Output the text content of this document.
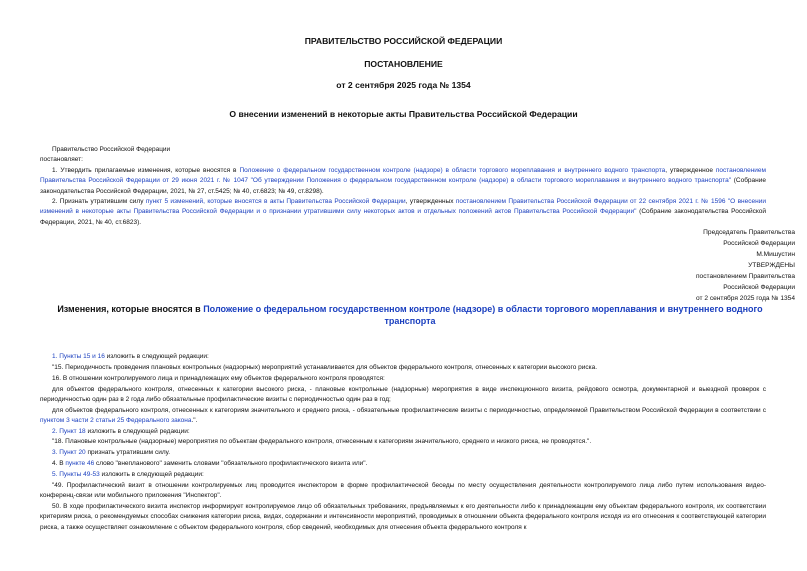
ПРАВИТЕЛЬСТВО РОССИЙСКОЙ ФЕДЕРАЦИИ
ПОСТАНОВЛЕНИЕ
от 2 сентября 2025 года № 1354
О внесении изменений в некоторые акты Правительства Российской Федерации
Правительство Российской Федерации
постановляет:
1. Утвердить прилагаемые изменения, которые вносятся в Положение о федеральном государственном контроле (надзоре) в области торгового мореплавания и внутреннего водного транспорта, утвержденное постановлением Правительства Российской Федерации от 29 июня 2021 г. № 1047 "Об утверждении Положения о федеральном государственном контроле (надзоре) в области торгового мореплавания и внутреннего водного транспорта" (Собрание законодательства Российской Федерации, 2021, № 27, ст.5425; № 40, ст.6823; № 49, ст.8298).
2. Признать утратившим силу пункт 5 изменений, которые вносятся в акты Правительства Российской Федерации, утвержденных постановлением Правительства Российской Федерации от 22 сентября 2021 г. № 1596 "О внесении изменений в некоторые акты Правительства Российской Федерации и о признании утратившими силу некоторых актов и отдельных положений актов Правительства Российской Федерации" (Собрание законодательства Российской Федерации, 2021, № 40, ст.6823).
Председатель Правительства
Российской Федерации
М.Мишустин
УТВЕРЖДЕНЫ
постановлением Правительства
Российской Федерации
от 2 сентября 2025 года № 1354
Изменения, которые вносятся в Положение о федеральном государственном контроле (надзоре) в области торгового мореплавания и внутреннего водного транспорта
1. Пункты 15 и 16 изложить в следующей редакции:
"15. Периодичность проведения плановых контрольных (надзорных) мероприятий устанавливается для объектов федерального контроля, отнесенных к категории высокого риска.
16. В отношении контролируемого лица и принадлежащих ему объектов федерального контроля проводятся:
для объектов федерального контроля, отнесенных к категории высокого риска, - плановые контрольные (надзорные) мероприятия в виде инспекционного визита, рейдового осмотра, документарной и выездной проверок с периодичностью один раз в 2 года либо обязательные профилактические визиты с периодичностью один раз в год;
для объектов федерального контроля, отнесенных к категориям значительного и среднего риска, - обязательные профилактические визиты с периодичностью, определяемой Правительством Российской Федерации в соответствии с пунктом 3 части 2 статьи 25 Федерального закона.".
2. Пункт 18 изложить в следующей редакции:
"18. Плановые контрольные (надзорные) мероприятия по объектам федерального контроля, отнесенным к категориям значительного, среднего и низкого риска, не проводятся.".
3. Пункт 20 признать утратившим силу.
4. В пункте 46 слово "внепланового" заменить словами "обязательного профилактического визита или".
5. Пункты 49-53 изложить в следующей редакции:
"49. Профилактический визит в отношении контролируемых лиц проводится инспектором в форме профилактической беседы по месту осуществления деятельности контролируемого лица либо путем использования видео-конференц-связи или мобильного приложения "Инспектор".
50. В ходе профилактического визита инспектор информирует контролируемое лицо об обязательных требованиях, предъявляемых к его деятельности либо к принадлежащим ему объектам федерального контроля, их соответствии критериям риска, о рекомендуемых способах снижения категории риска, видах, содержании и интенсивности мероприятий, проводимых в отношении объекта федерального контроля исходя из его отнесения к соответствующей категории риска, а также осуществляет ознакомление с объектом федерального контроля, сбор сведений, необходимых для отнесения объекта федерального контроля к
